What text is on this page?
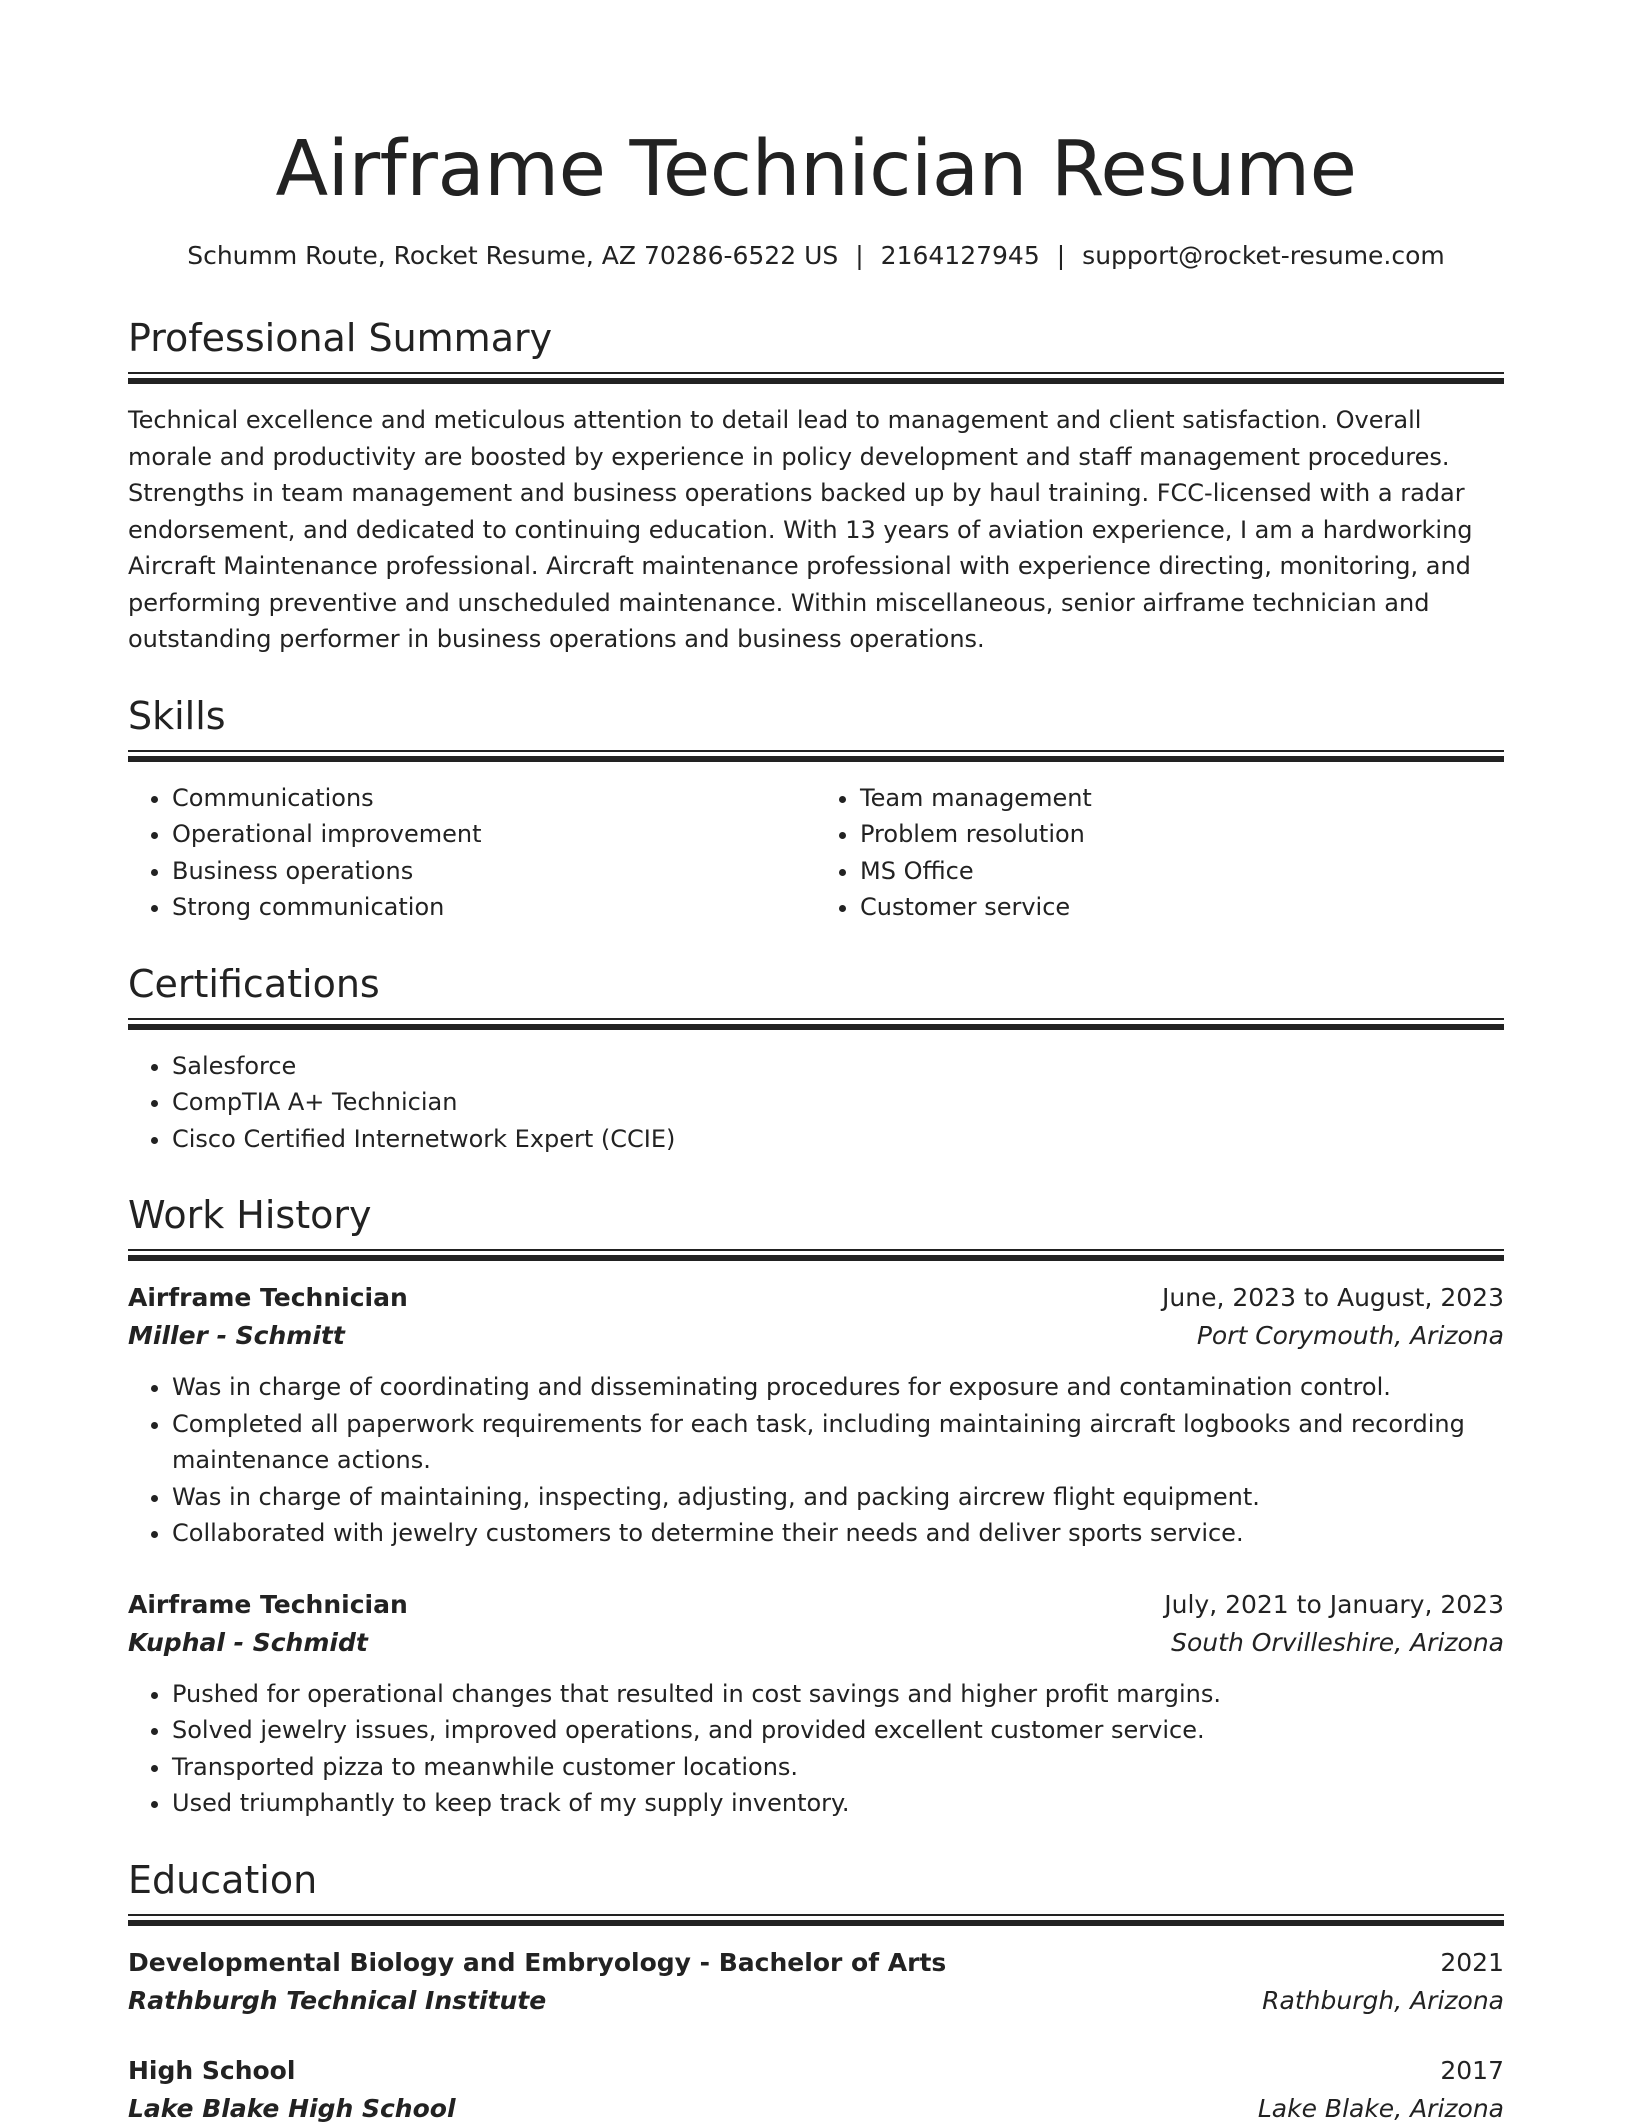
Airframe Technician Resume
Schumm Route, Rocket Resume, AZ 70286-6522 US | 2164127945 | support@rocket-resume.com
Professional Summary

Technical excellence and meticulous attention to detail lead to management and client satisfaction. Overall morale and productivity are boosted by experience in policy development and staff management procedures. Strengths in team management and business operations backed up by haul training. FCC-licensed with a radar endorsement, and dedicated to continuing education. With 13 years of aviation experience, I am a hardworking Aircraft Maintenance professional. Aircraft maintenance professional with experience directing, monitoring, and performing preventive and unscheduled maintenance. Within miscellaneous, senior airframe technician and outstanding performer in business operations and business operations.

Skills
• Communications
• Operational improvement
• Business operations
• Strong communication
• Team management
• Problem resolution
• MS Office
• Customer service
Certifications
• Salesforce
• CompTIA A+ Technician
• Cisco Certified Internetwork Expert (CCIE)
Work History
Airframe Technician	June, 2023 to August, 2023
Miller - Schmitt	Port Corymouth, Arizona
• Was in charge of coordinating and disseminating procedures for exposure and contamination control.
• Completed all paperwork requirements for each task, including maintaining aircraft logbooks and recording maintenance actions.
• Was in charge of maintaining, inspecting, adjusting, and packing aircrew flight equipment.
• Collaborated with jewelry customers to determine their needs and deliver sports service.
Airframe Technician	July, 2021 to January, 2023
Kuphal - Schmidt	South Orvilleshire, Arizona
• Pushed for operational changes that resulted in cost savings and higher profit margins.
• Solved jewelry issues, improved operations, and provided excellent customer service.
• Transported pizza to meanwhile customer locations.
• Used triumphantly to keep track of my supply inventory.
Education
Developmental Biology and Embryology - Bachelor of Arts	2021
Rathburgh Technical Institute	Rathburgh, Arizona
High School	2017
Lake Blake High School	Lake Blake, Arizona
